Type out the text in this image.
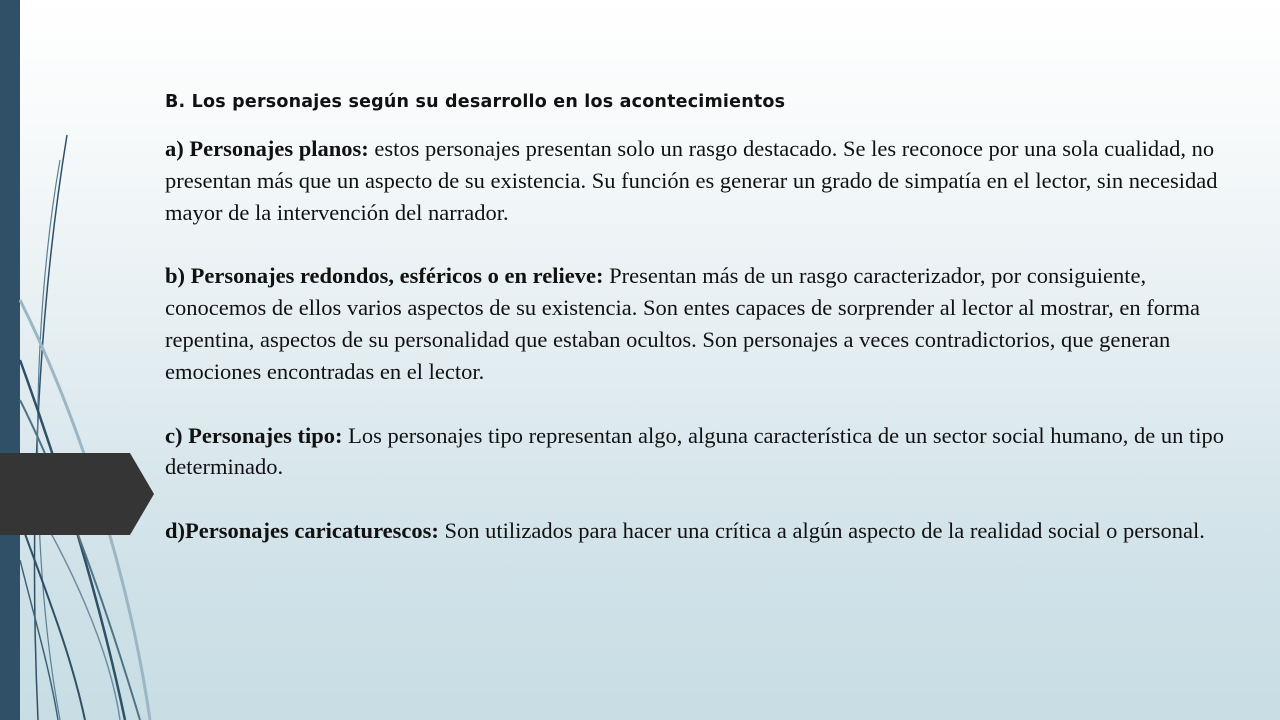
B. Los personajes según su desarrollo en los acontecimientos

a) Personajes planos: estos personajes presentan solo un rasgo destacado. Se les reconoce por una sola cualidad, no presentan más que un aspecto de su existencia. Su función es generar un grado de simpatía en el lector, sin necesidad mayor de la intervención del narrador.

b) Personajes redondos, esféricos o en relieve: Presentan más de un rasgo caracterizador, por consiguiente, conocemos de ellos varios aspectos de su existencia. Son entes capaces de sorprender al lector al mostrar, en forma repentina, aspectos de su personalidad que estaban ocultos. Son personajes a veces contradictorios, que generan emociones encontradas en el lector.

c) Personajes tipo: Los personajes tipo representan algo, alguna característica de un sector social humano, de un tipo determinado.

d)Personajes caricaturescos: Son utilizados para hacer una crítica a algún aspecto de la realidad social o personal.
